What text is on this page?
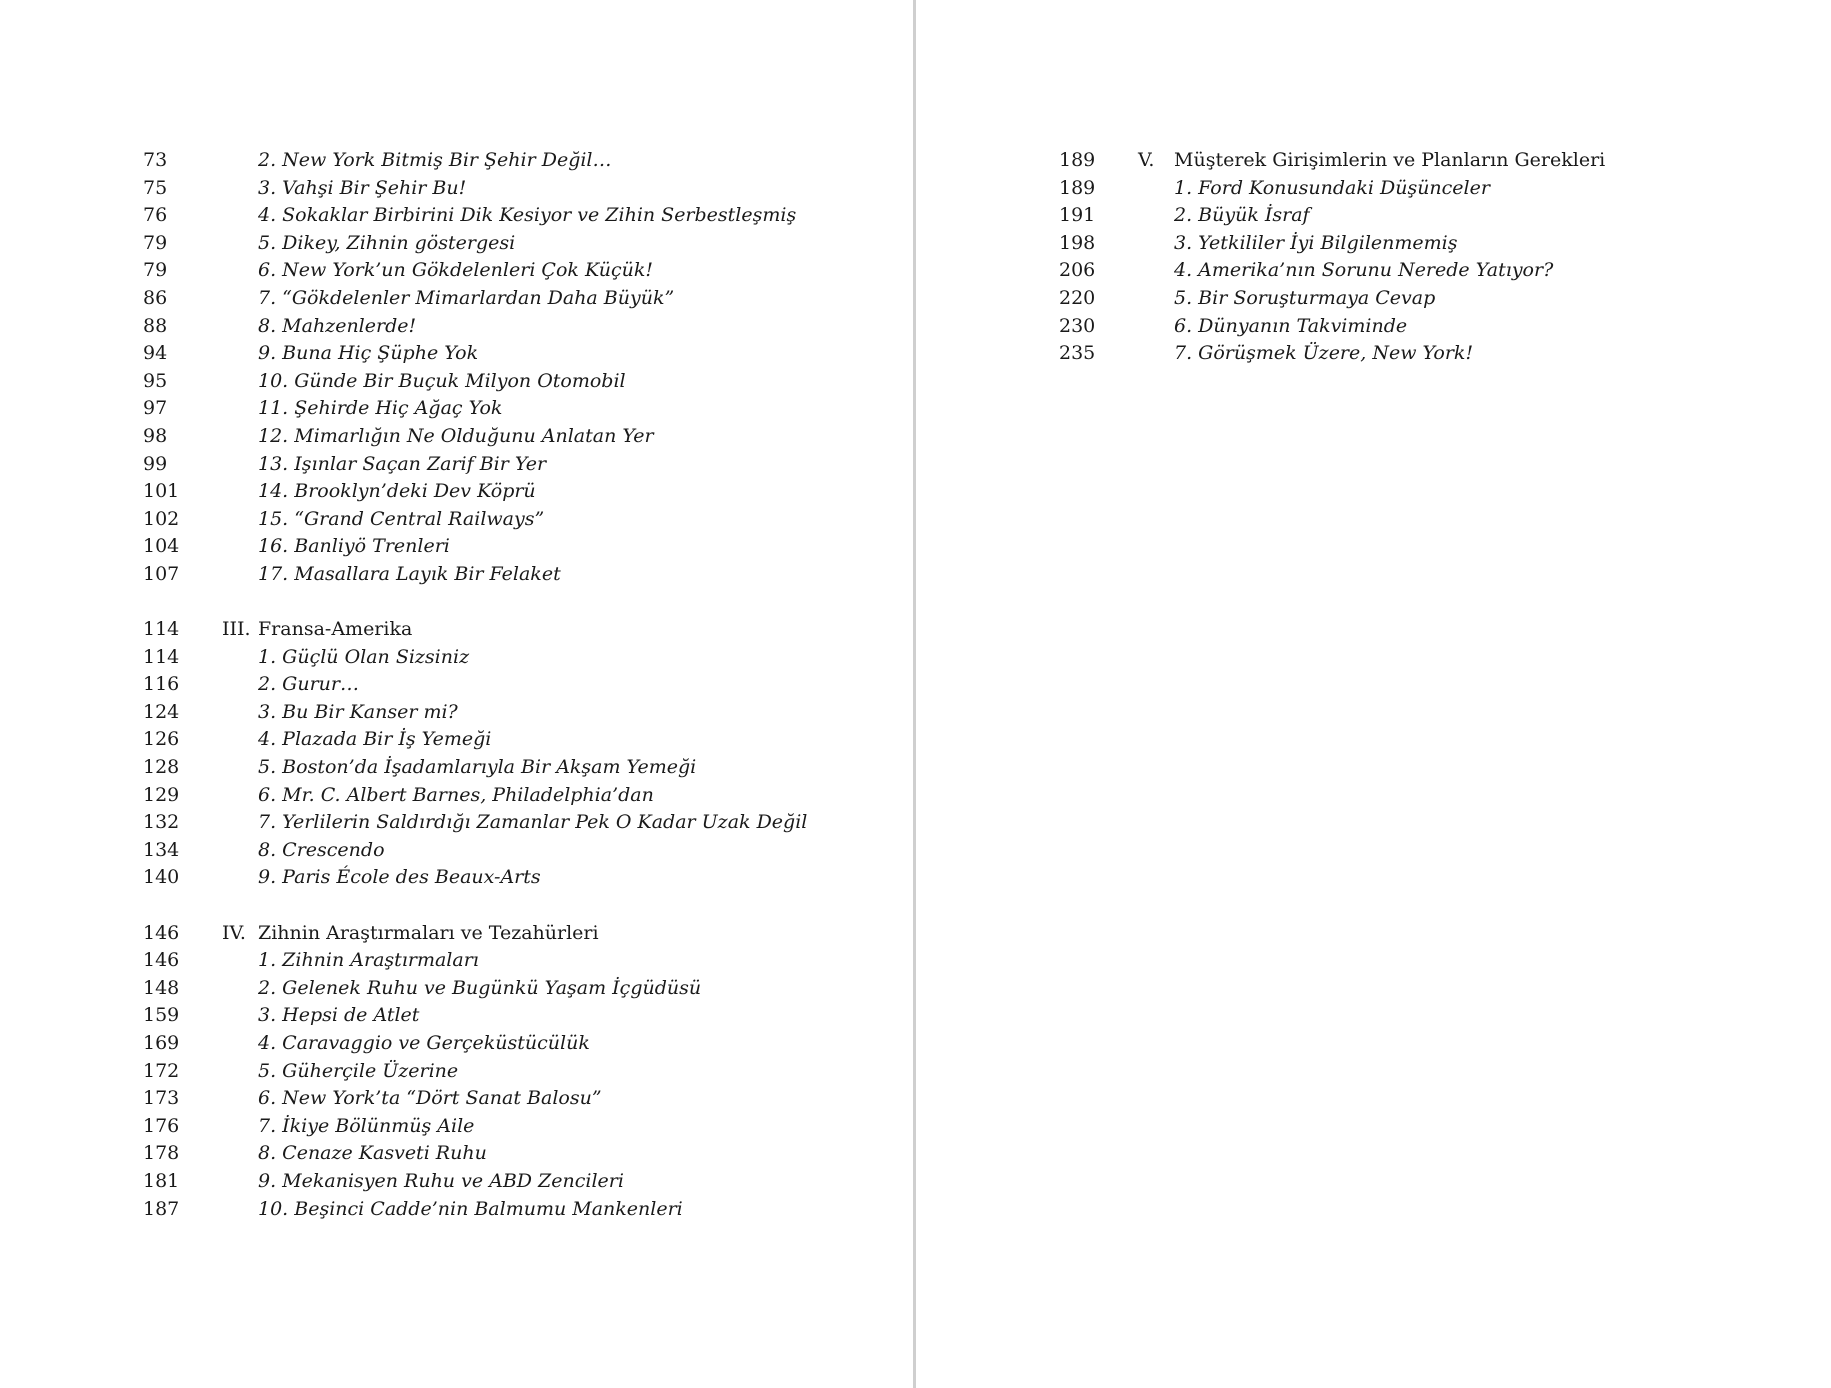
73	2. New York Bitmiş Bir Şehir Değil…
75	3. Vahşi Bir Şehir Bu!
76	4. Sokaklar Birbirini Dik Kesiyor ve Zihin Serbestleşmiş
79	5. Dikey, Zihnin göstergesi
79	6. New York’un Gökdelenleri Çok Küçük!
86	7. “Gökdelenler Mimarlardan Daha Büyük”
88	8. Mahzenlerde!
94	9. Buna Hiç Şüphe Yok
95	10. Günde Bir Buçuk Milyon Otomobil
97	11. Şehirde Hiç Ağaç Yok
98	12. Mimarlığın Ne Olduğunu Anlatan Yer
99	13. Işınlar Saçan Zarif Bir Yer
101	14. Brooklyn’deki Dev Köprü
102	15. “Grand Central Railways”
104	16. Banliyö Trenleri
107	17. Masallara Layık Bir Felaket
114 III. Fransa-Amerika
114	1. Güçlü Olan Sizsiniz
116	2. Gurur…
124	3. Bu Bir Kanser mi?
126	4. Plazada Bir İş Yemeği
128	5. Boston’da İşadamlarıyla Bir Akşam Yemeği
129	6. Mr. C. Albert Barnes, Philadelphia’dan
132	7. Yerlilerin Saldırdığı Zamanlar Pek O Kadar Uzak Değil
134	8. Crescendo
140	9. Paris École des Beaux-Arts
146 IV. Zihnin Araştırmaları ve Tezahürleri
146	1. Zihnin Araştırmaları
148	2. Gelenek Ruhu ve Bugünkü Yaşam İçgüdüsü
159	3. Hepsi de Atlet
169	4. Caravaggio ve Gerçeküstücülük
172	5. Güherçile Üzerine
173	6. New York’ta “Dört Sanat Balosu”
176	7. İkiye Bölünmüş Aile
178	8. Cenaze Kasveti Ruhu
181	9. Mekanisyen Ruhu ve ABD Zencileri
187	10. Beşinci Cadde’nin Balmumu Mankenleri
189 V. Müşterek Girişimlerin ve Planların Gerekleri
189	1. Ford Konusundaki Düşünceler
191	2. Büyük İsraf
198	3. Yetkililer İyi Bilgilenmemiş
206	4. Amerika’nın Sorunu Nerede Yatıyor?
220	5. Bir Soruşturmaya Cevap
230	6. Dünyanın Takviminde
235	7. Görüşmek Üzere, New York!
